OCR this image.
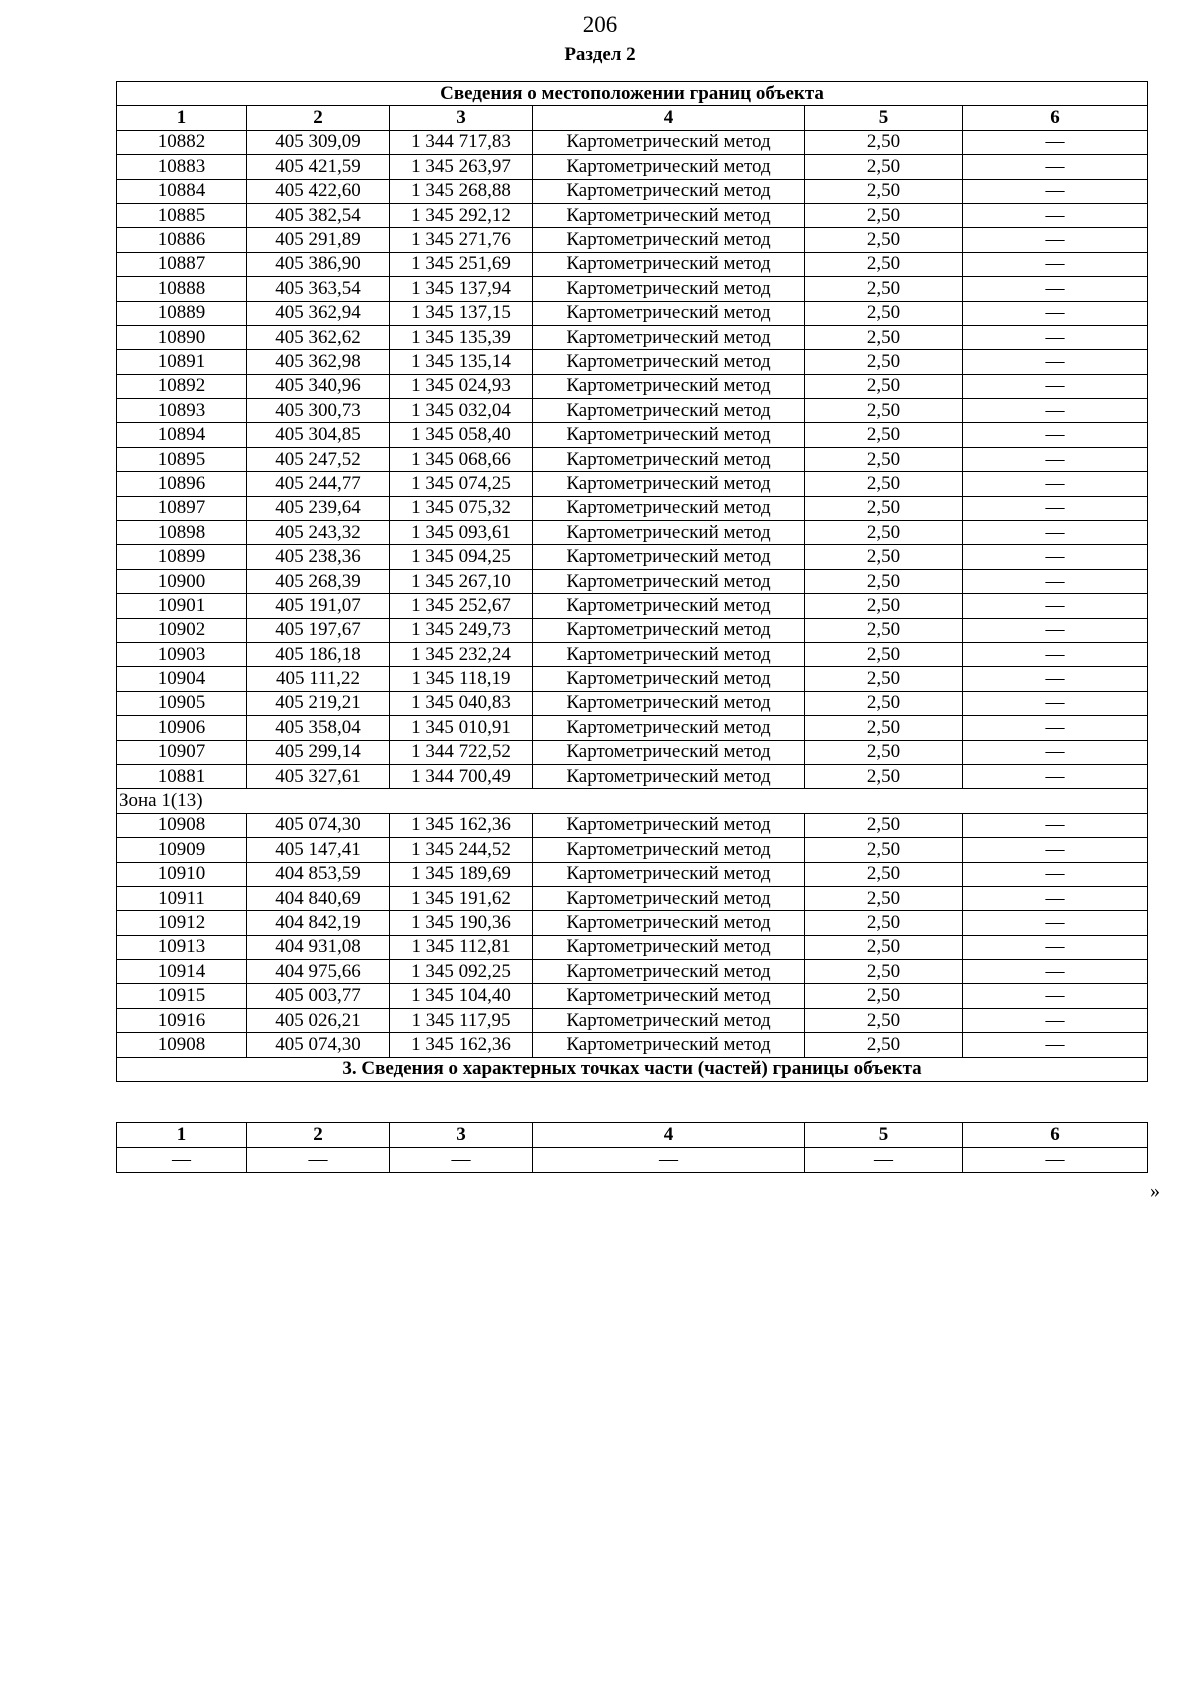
206
Раздел 2
Сведения о местоположении границ объекта					
1	2	3	4	5	6
10882	405 309,09	1 344 717,83	Картометрический метод	2,50	—
10883	405 421,59	1 345 263,97	Картометрический метод	2,50	—
10884	405 422,60	1 345 268,88	Картометрический метод	2,50	—
10885	405 382,54	1 345 292,12	Картометрический метод	2,50	—
10886	405 291,89	1 345 271,76	Картометрический метод	2,50	—
10887	405 386,90	1 345 251,69	Картометрический метод	2,50	—
10888	405 363,54	1 345 137,94	Картометрический метод	2,50	—
10889	405 362,94	1 345 137,15	Картометрический метод	2,50	—
10890	405 362,62	1 345 135,39	Картометрический метод	2,50	—
10891	405 362,98	1 345 135,14	Картометрический метод	2,50	—
10892	405 340,96	1 345 024,93	Картометрический метод	2,50	—
10893	405 300,73	1 345 032,04	Картометрический метод	2,50	—
10894	405 304,85	1 345 058,40	Картометрический метод	2,50	—
10895	405 247,52	1 345 068,66	Картометрический метод	2,50	—
10896	405 244,77	1 345 074,25	Картометрический метод	2,50	—
10897	405 239,64	1 345 075,32	Картометрический метод	2,50	—
10898	405 243,32	1 345 093,61	Картометрический метод	2,50	—
10899	405 238,36	1 345 094,25	Картометрический метод	2,50	—
10900	405 268,39	1 345 267,10	Картометрический метод	2,50	—
10901	405 191,07	1 345 252,67	Картометрический метод	2,50	—
10902	405 197,67	1 345 249,73	Картометрический метод	2,50	—
10903	405 186,18	1 345 232,24	Картометрический метод	2,50	—
10904	405 111,22	1 345 118,19	Картометрический метод	2,50	—
10905	405 219,21	1 345 040,83	Картометрический метод	2,50	—
10906	405 358,04	1 345 010,91	Картометрический метод	2,50	—
10907	405 299,14	1 344 722,52	Картометрический метод	2,50	—
10881	405 327,61	1 344 700,49	Картометрический метод	2,50	—
Зона 1(13)					
10908	405 074,30	1 345 162,36	Картометрический метод	2,50	—
10909	405 147,41	1 345 244,52	Картометрический метод	2,50	—
10910	404 853,59	1 345 189,69	Картометрический метод	2,50	—
10911	404 840,69	1 345 191,62	Картометрический метод	2,50	—
10912	404 842,19	1 345 190,36	Картометрический метод	2,50	—
10913	404 931,08	1 345 112,81	Картометрический метод	2,50	—
10914	404 975,66	1 345 092,25	Картометрический метод	2,50	—
10915	405 003,77	1 345 104,40	Картометрический метод	2,50	—
10916	405 026,21	1 345 117,95	Картометрический метод	2,50	—
10908	405 074,30	1 345 162,36	Картометрический метод	2,50	—
3. Сведения о характерных точках части (частей) границы объекта					
1	2	3	4	5	6
—	—	—	—	—	—
»
